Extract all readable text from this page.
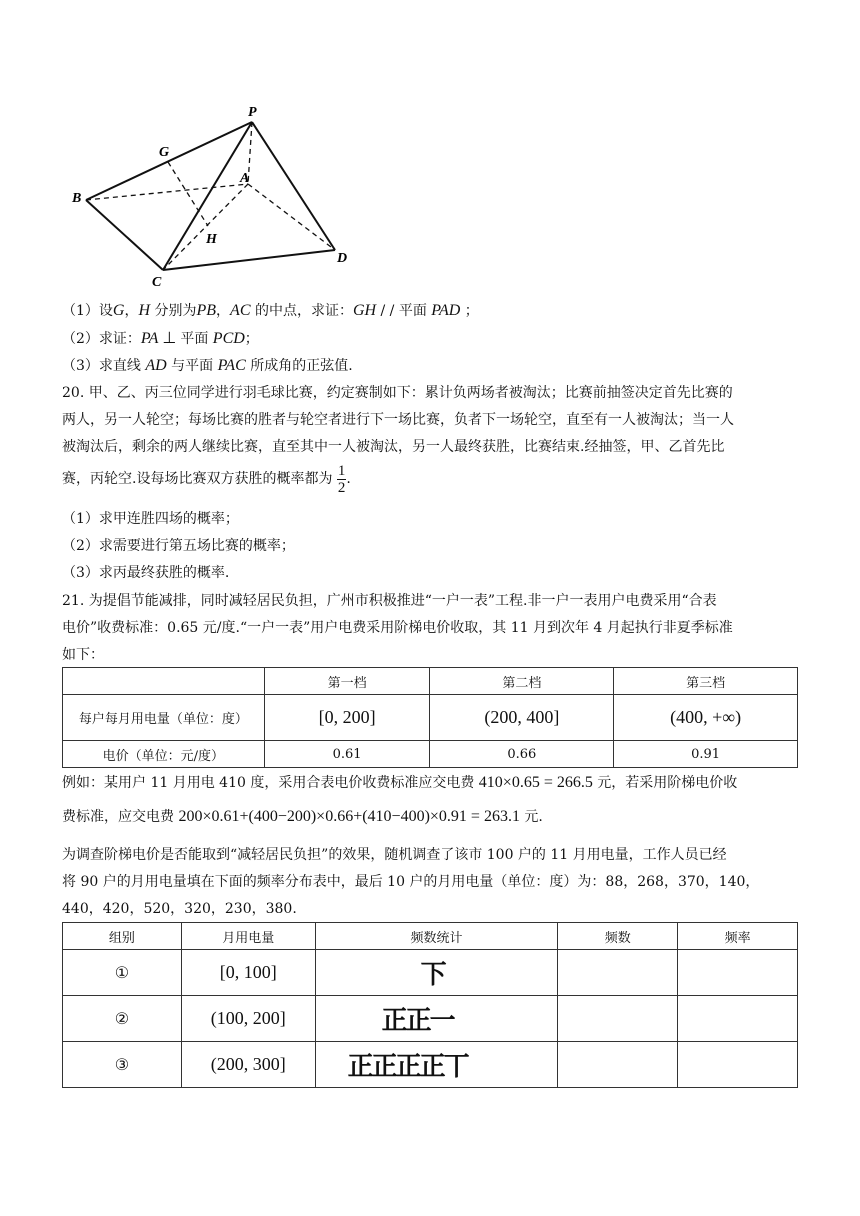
P
G
B
A
H
C
D
（1）设G，H 分别为PB，AC 的中点，求证：GH / / 平面 PAD ；
（2）求证：PA ⊥ 平面 PCD；
（3）求直线 AD 与平面 PAC 所成角的正弦值.
20. 甲、乙、丙三位同学进行羽毛球比赛，约定赛制如下：累计负两场者被淘汰；比赛前抽签决定首先比赛的
两人，另一人轮空；每场比赛的胜者与轮空者进行下一场比赛，负者下一场轮空，直至有一人被淘汰；当一人
被淘汰后，剩余的两人继续比赛，直至其中一人被淘汰，另一人最终获胜，比赛结束.经抽签，甲、乙首先比
赛，丙轮空.设每场比赛双方获胜的概率都为 $\frac{1}{2}$ .
（1）求甲连胜四场的概率；
（2）求需要进行第五场比赛的概率；
（3）求丙最终获胜的概率.
21. 为提倡节能减排，同时减轻居民负担，广州市积极推进“一户一表”工程.非一户一表用户电费采用“合表
电价”收费标准：0.65 元/度.“一户一表”用户电费采用阶梯电价收取，其 11 月到次年 4 月起执行非夏季标准
如下：
	第一档	第二档	第三档
每户每月用电量（单位：度）	[0, 200]	(200, 400]	(400, +∞)
电价（单位：元/度）	0.61	0.66	0.91
例如：某用户 11 月用电 410 度，采用合表电价收费标准应交电费 410×0.65 = 266.5 元，若采用阶梯电价收
费标准，应交电费 200×0.61+(400−200)×0.66+(410−400)×0.91 = 263.1 元.
为调查阶梯电价是否能取到“减轻居民负担”的效果，随机调查了该市 100 户的 11 月用电量，工作人员已经
将 90 户的月用电量填在下面的频率分布表中，最后 10 户的月用电量（单位：度）为：88，268，370，140，
440，420，520，320，230，380.
组别	月用电量	频数统计	频数	频率
①	[0, 100]	下		
②	(100, 200]	正正一		
③	(200, 300]	正正正正丅		
